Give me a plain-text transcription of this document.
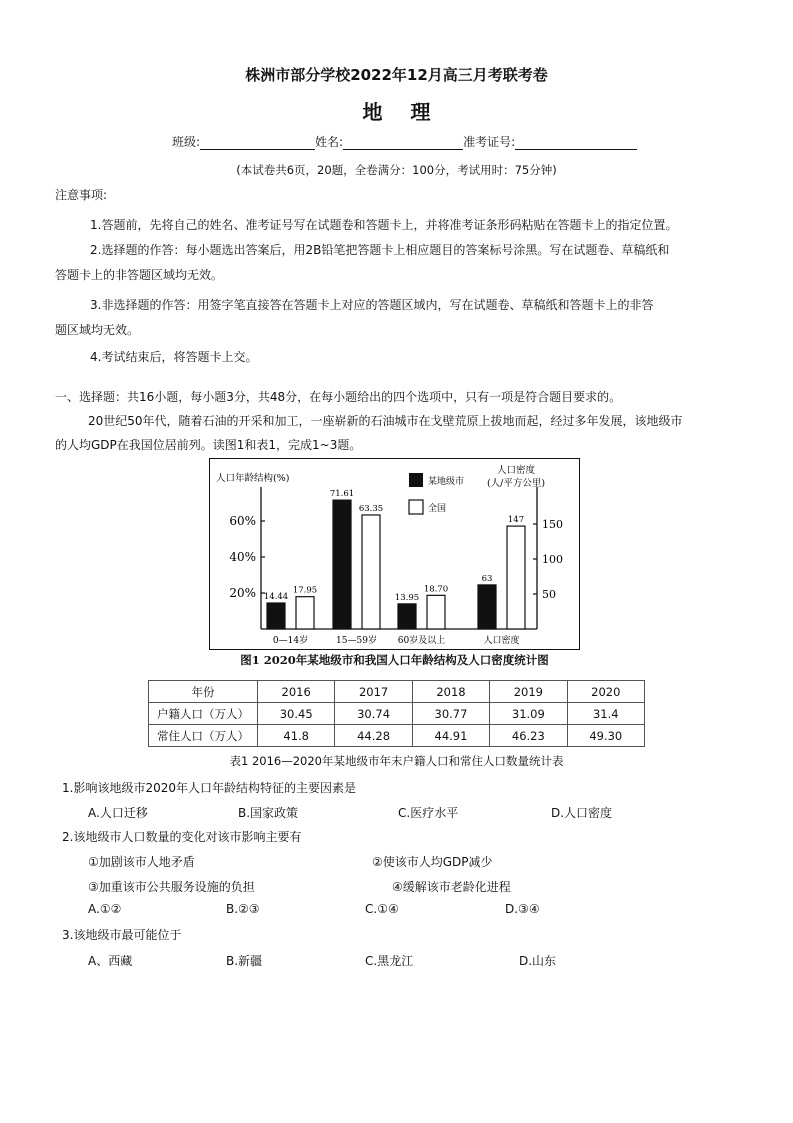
株洲市部分学校2022年12月高三月考联考卷
地理
班级:	姓名:	准考证号:
(本试卷共6页，20题，全卷满分：100分，考试用时：75分钟)
注意事项:
1.答题前，先将自己的姓名、准考证号写在试题卷和答题卡上，并将准考证条形码粘贴在答题卡上的指定位置。
2.选择题的作答：每小题选出答案后，用2B铅笔把答题卡上相应题目的答案标号涂黑。写在试题卷、草稿纸和
答题卡上的非答题区域均无效。
3.非选择题的作答：用签字笔直接答在答题卡上对应的答题区域内，写在试题卷、草稿纸和答题卡上的非答
题区域均无效。
4.考试结束后，将答题卡上交。
一、选择题：共16小题，每小题3分，共48分，在每小题给出的四个选项中，只有一项是符合题目要求的。
20世纪50年代，随着石油的开采和加工，一座崭新的石油城市在戈壁荒原上拔地而起，经过多年发展，该地级市
的人均GDP在我国位居前列。读图1和表1，完成1~3题。
人口年龄结构(%)
人口密度
(人/平方公里)
20%
40%
60%
50
100
150
14.44
71.61
13.95
63
17.95
63.35
18.70
147
0—14岁	15—59岁 60岁及以上	人口密度
某地级市
全国
图1 2020年某地级市和我国人口年龄结构及人口密度统计图
年份	2016	2017	2018	2019	2020
户籍人口（万人）	30.45	30.74	30.77	31.09	31.4
常住人口（万人）	41.8	44.28	44.91	46.23	49.30
表1 2016—2020年某地级市年末户籍人口和常住人口数量统计表
1.影响该地级市2020年人口年龄结构特征的主要因素是
A.人口迁移	B.国家政策	C.医疗水平	D.人口密度
2.该地级市人口数量的变化对该市影响主要有
①加剧该市人地矛盾	②使该市人均GDP减少
③加重该市公共服务设施的负担	④缓解该市老龄化进程
A.①②	B.②③	C.①④	D.③④
3.该地级市最可能位于
A、西藏	B.新疆	C.黑龙江	D.山东
